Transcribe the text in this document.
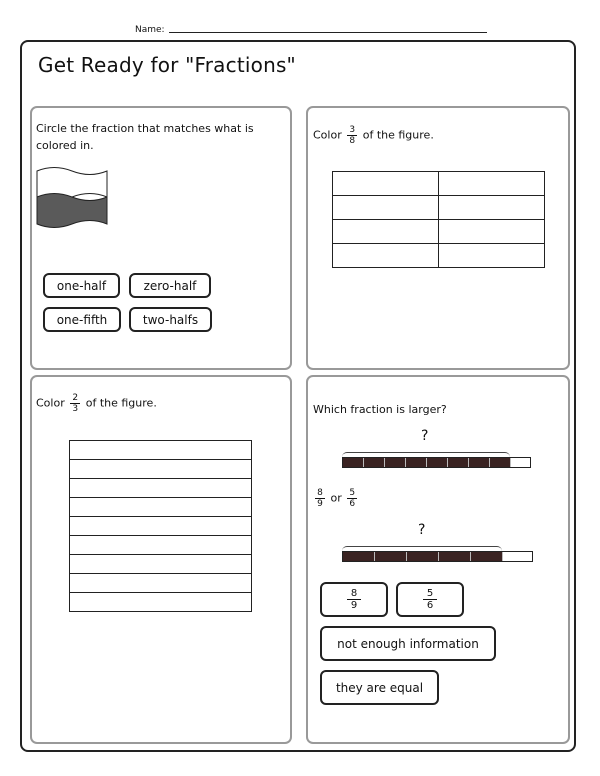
Name:
Get Ready for "Fractions"
Circle the fraction that matches what is colored in.
one-half	zero-half
one-fifth	two-halfs
Color $\frac{3}{8}$ of the figure.

Color $\frac{2}{3}$ of the figure.	Which fraction is larger?
?
$\frac{8}{9}$ or $\frac{5}{6}$
?
8
9
5
6
not enough information
they are equal
